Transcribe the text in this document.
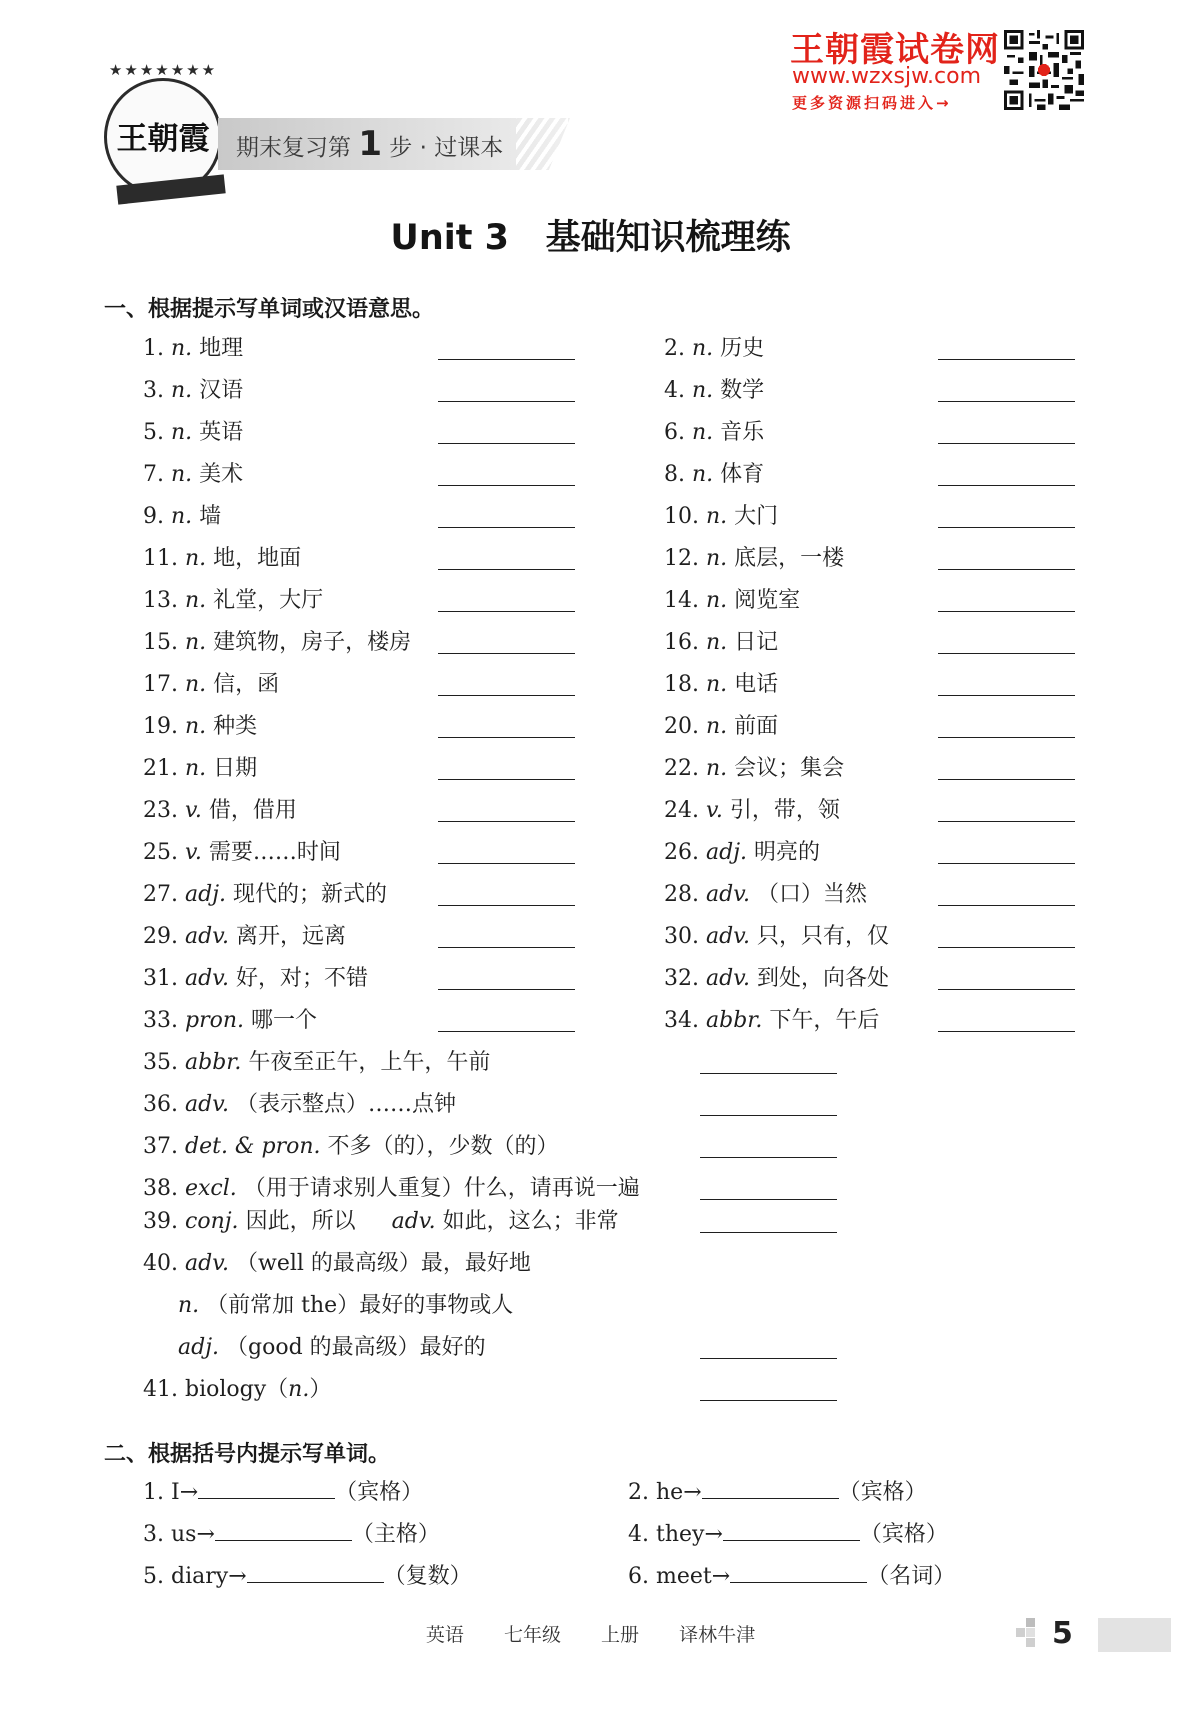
★★★★★★★
王朝霞	期末复习第 1 步 · 过课本
王朝霞试卷网
www.wzxsjw.com
更多资源扫码进入→
Unit 3   基础知识梳理练
一、根据提示写单词或汉语意思。
1. n. 地理	2. n. 历史
3. n. 汉语	4. n. 数学
5. n. 英语	6. n. 音乐
7. n. 美术	8. n. 体育
9. n. 墙	10. n. 大门
11. n. 地，地面	12. n. 底层，一楼
13. n. 礼堂，大厅	14. n. 阅览室
15. n. 建筑物，房子，楼房	16. n. 日记
17. n. 信，函	18. n. 电话
19. n. 种类	20. n. 前面
21. n. 日期	22. n. 会议；集会
23. v. 借，借用	24. v. 引，带，领
25. v. 需要……时间	26. adj. 明亮的
27. adj. 现代的；新式的	28. adv. （口）当然
29. adv. 离开，远离	30. adv. 只，只有，仅
31. adv. 好，对；不错	32. adv. 到处，向各处
33. pron. 哪一个	34. abbr. 下午，午后
35. abbr. 午夜至正午，上午，午前
36. adv. （表示整点）……点钟
37. det. & pron. 不多（的），少数（的）
38. excl. （用于请求别人重复）什么，请再说一遍
39. conj. 因此，所以 adv. 如此，这么；非常
40. adv. （well 的最高级）最，最好地
n. （前常加 the）最好的事物或人
adj. （good 的最高级）最好的
41. biology（n.）
二、根据括号内提示写单词。
1. I→	（宾格）	2. he→	（宾格）
3. us→	（主格）	4. they→	（宾格）
5. diary→	（复数）	6. meet→	（名词）
英语  七年级  上册  译林牛津	5
